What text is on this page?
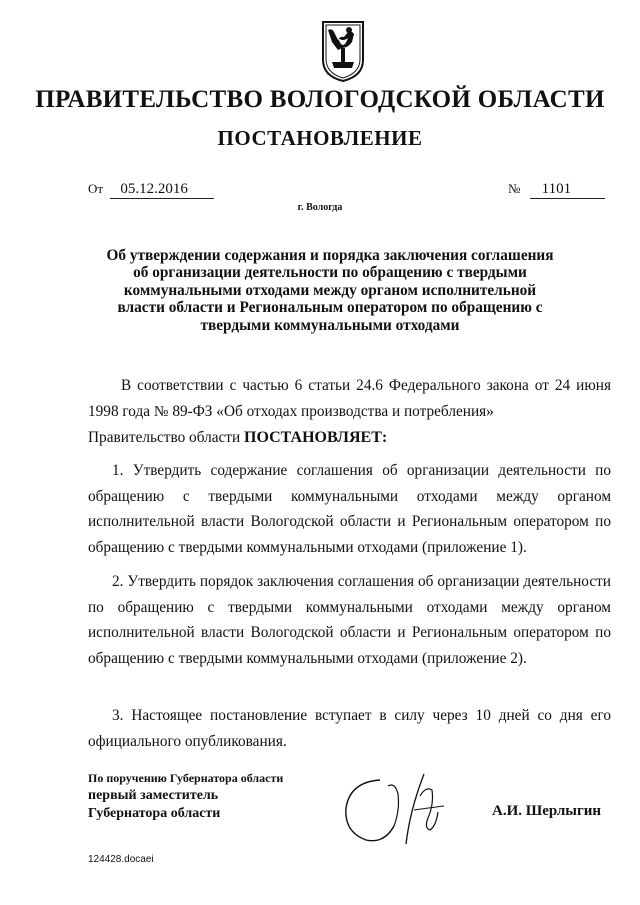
ПРАВИТЕЛЬСТВО ВОЛОГОДСКОЙ ОБЛАСТИ
ПОСТАНОВЛЕНИЕ
От 05.12.2016	№ 1101
г. Вологда
Об утверждении содержания и порядка заключения соглашения об организации деятельности по обращению с твердыми коммунальными отходами между органом исполнительной власти области и Региональным оператором по обращению с твердыми коммунальными отходами
В соответствии с частью 6 статьи 24.6 Федерального закона от 24 июня 1998 года № 89-ФЗ «Об отходах производства и потребления»
Правительство области ПОСТАНОВЛЯЕТ:
1. Утвердить содержание соглашения об организации деятельности по обращению с твердыми коммунальными отходами между органом исполнительной власти Вологодской области и Региональным оператором по обращению с твердыми коммунальными отходами (приложение 1).
2. Утвердить порядок заключения соглашения об организации деятельности по обращению с твердыми коммунальными отходами между органом исполнительной власти Вологодской области и Региональным оператором по обращению с твердыми коммунальными отходами (приложение 2).
3. Настоящее постановление вступает в силу через 10 дней со дня его официального опубликования.
По поручению Губернатора области
первый заместитель
Губернатора области	А.И. Шерлыгин
124428.docaei
